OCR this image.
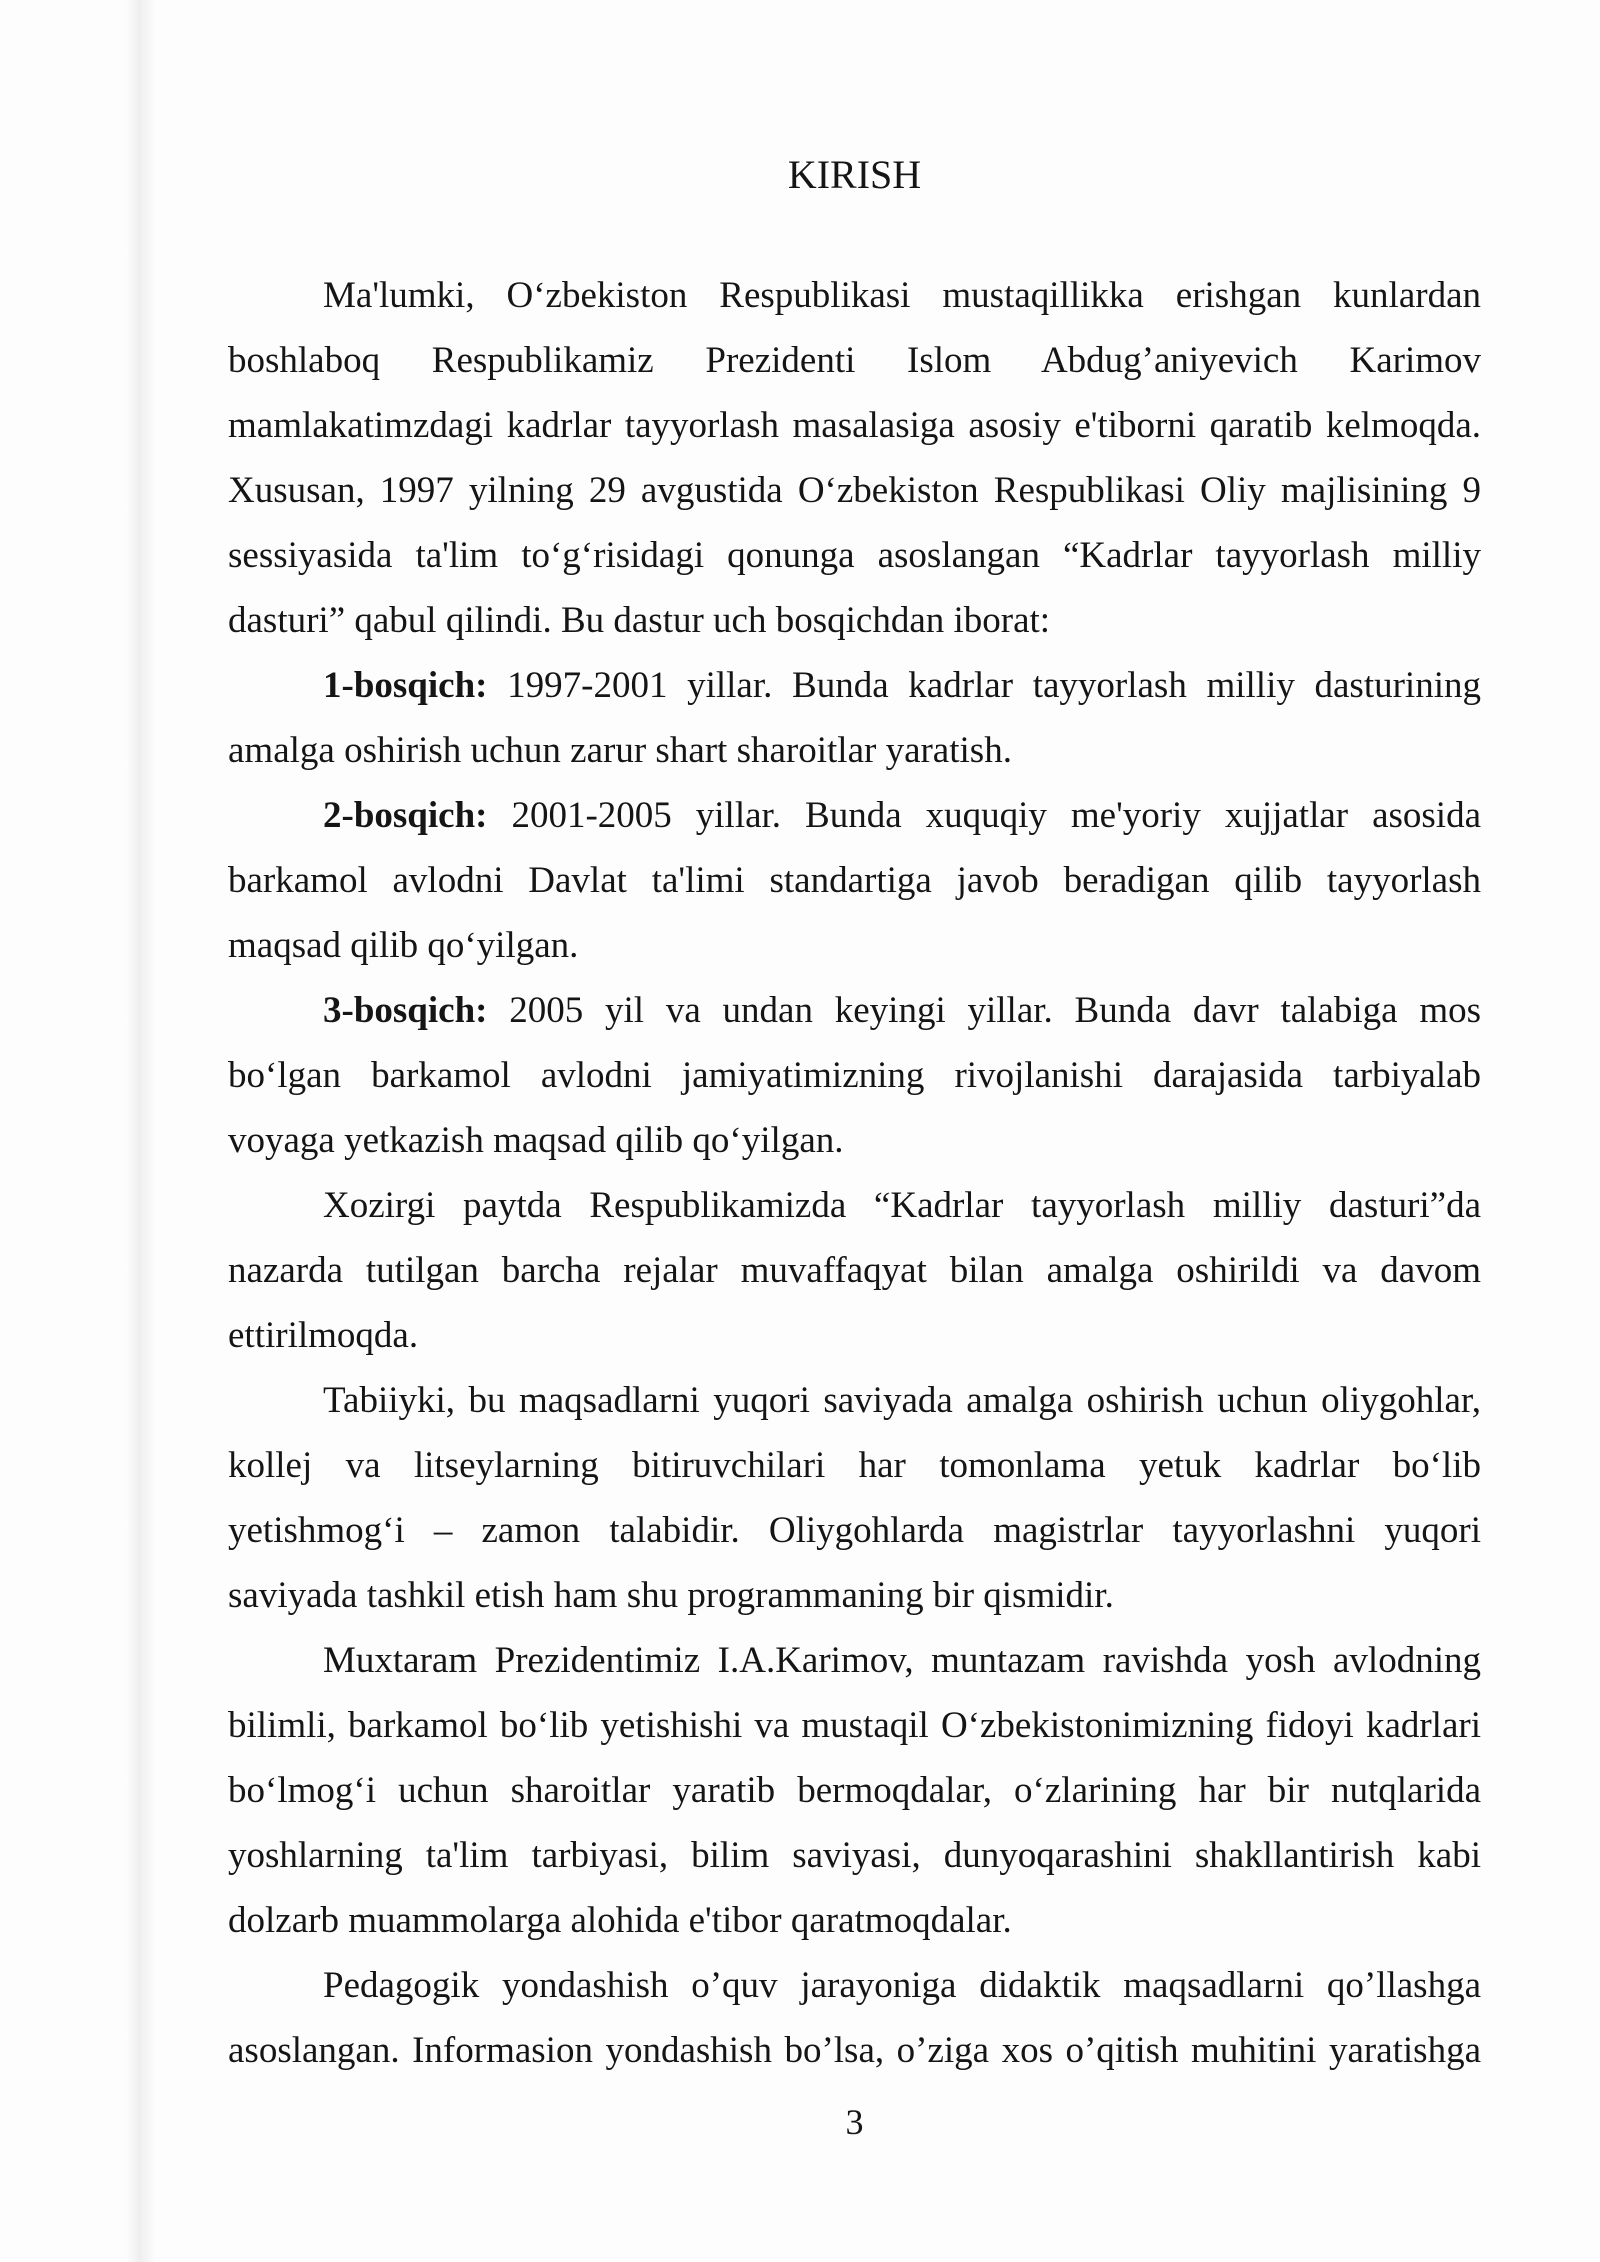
KIRISH
Ma'lumki, O‘zbekiston Respublikasi mustaqillikka erishgan kunlardan
boshlaboq Respublikamiz Prezidenti Islom Abdug’aniyevich Karimov
mamlakatimzdagi kadrlar tayyorlash masalasiga asosiy e'tiborni qaratib kelmoqda.
Xususan, 1997 yilning 29 avgustida O‘zbekiston Respublikasi Oliy majlisining 9
sessiyasida ta'lim to‘g‘risidagi qonunga asoslangan “Kadrlar tayyorlash milliy
dasturi” qabul qilindi. Bu dastur uch bosqichdan iborat:
1-bosqich: 1997-2001 yillar. Bunda kadrlar tayyorlash milliy dasturining
amalga oshirish uchun zarur shart sharoitlar yaratish.
2-bosqich: 2001-2005 yillar. Bunda xuquqiy me'yoriy xujjatlar asosida
barkamol avlodni Davlat ta'limi standartiga javob beradigan qilib tayyorlash
maqsad qilib qo‘yilgan.
3-bosqich: 2005 yil va undan keyingi yillar. Bunda davr talabiga mos
bo‘lgan barkamol avlodni jamiyatimizning rivojlanishi darajasida tarbiyalab
voyaga yetkazish maqsad qilib qo‘yilgan.
Xozirgi paytda Respublikamizda “Kadrlar tayyorlash milliy dasturi”da
nazarda tutilgan barcha rejalar muvaffaqyat bilan amalga oshirildi va davom
ettirilmoqda.
Tabiiyki, bu maqsadlarni yuqori saviyada amalga oshirish uchun oliygohlar,
kollej va litseylarning bitiruvchilari har tomonlama yetuk kadrlar bo‘lib
yetishmog‘i – zamon talabidir. Oliygohlarda magistrlar tayyorlashni yuqori
saviyada tashkil etish ham shu programmaning bir qismidir.
Muxtaram Prezidentimiz I.A.Karimov, muntazam ravishda yosh avlodning
bilimli, barkamol bo‘lib yetishishi va mustaqil O‘zbekistonimizning fidoyi kadrlari
bo‘lmog‘i uchun sharoitlar yaratib bermoqdalar, o‘zlarining har bir nutqlarida
yoshlarning ta'lim tarbiyasi, bilim saviyasi, dunyoqarashini shakllantirish kabi
dolzarb muammolarga alohida e'tibor qaratmoqdalar.
Pedagogik yondashish o’quv jarayoniga didaktik maqsadlarni qo’llashga
asoslangan. Informasion yondashish bo’lsa, o’ziga xos o’qitish muhitini yaratishga
3
